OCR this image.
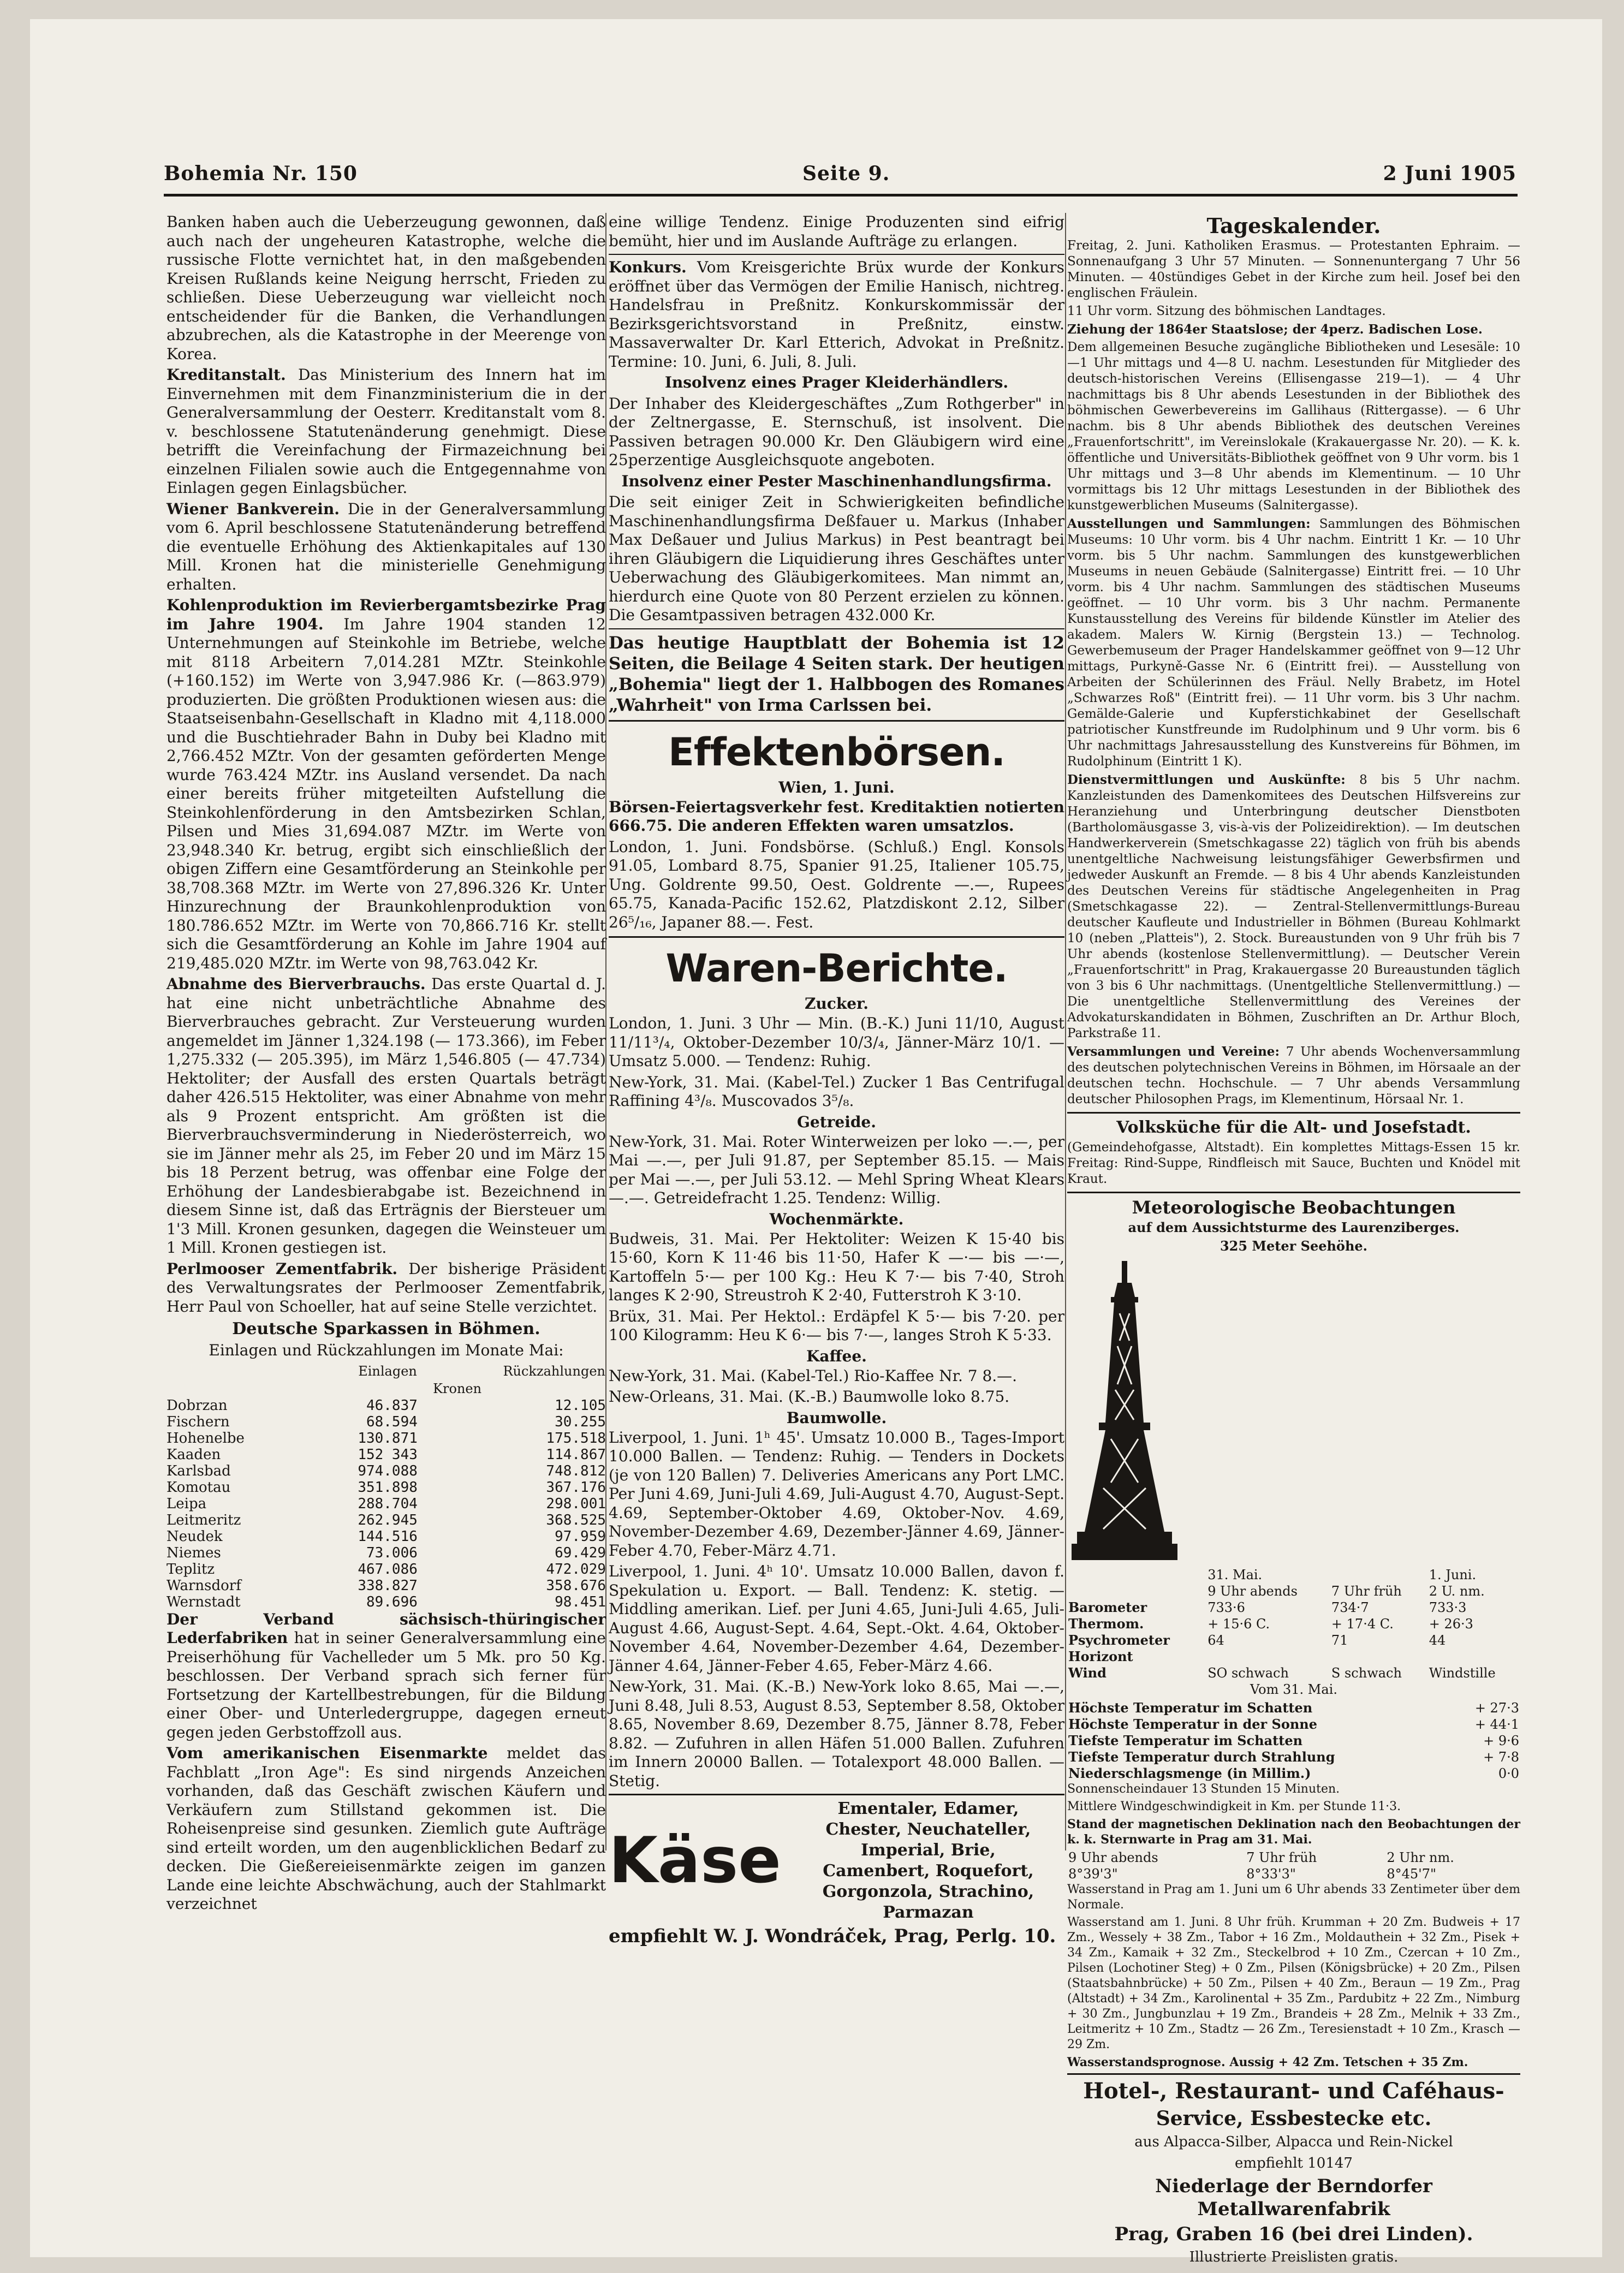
Bohemia Nr. 150	Seite 9.	2 Juni 1905

Banken haben auch die Ueberzeugung gewonnen, daß auch nach der ungeheuren Katastrophe, welche die russische Flotte vernichtet hat, in den maßgebenden Kreisen Rußlands keine Neigung herrscht, Frieden zu schließen. Diese Ueberzeugung war vielleicht noch entscheidender für die Banken, die Verhandlungen abzubrechen, als die Katastrophe in der Meerenge von Korea.

Kreditanstalt. Das Ministerium des Innern hat im Einvernehmen mit dem Finanzministerium die in der Generalversammlung der Oesterr. Kreditanstalt vom 8. v. beschlossene Statutenänderung genehmigt. Diese betrifft die Vereinfachung der Firmazeichnung bei einzelnen Filialen sowie auch die Entgegennahme von Einlagen gegen Einlagsbücher.

Wiener Bankverein. Die in der Generalversammlung vom 6. April beschlossene Statutenänderung betreffend die eventuelle Erhöhung des Aktienkapitales auf 130 Mill. Kronen hat die ministerielle Genehmigung erhalten.

Kohlenproduktion im Revierbergamtsbezirke Prag im Jahre 1904. Im Jahre 1904 standen 12 Unternehmungen auf Steinkohle im Betriebe, welche mit 8118 Arbeitern 7,014.281 MZtr. Steinkohle (+160.152) im Werte von 3,947.986 Kr. (—863.979) produzierten. Die größten Produktionen wiesen aus: die Staatseisenbahn-Gesellschaft in Kladno mit 4,118.000 und die Buschtiehrader Bahn in Duby bei Kladno mit 2,766.452 MZtr. Von der gesamten geförderten Menge wurde 763.424 MZtr. ins Ausland versendet. Da nach einer bereits früher mitgeteilten Aufstellung die Steinkohlenförderung in den Amtsbezirken Schlan, Pilsen und Mies 31,694.087 MZtr. im Werte von 23,948.340 Kr. betrug, ergibt sich einschließlich der obigen Ziffern eine Gesamtförderung an Steinkohle per 38,708.368 MZtr. im Werte von 27,896.326 Kr. Unter Hinzurechnung der Braunkohlenproduktion von 180.786.652 MZtr. im Werte von 70,866.716 Kr. stellt sich die Gesamtförderung an Kohle im Jahre 1904 auf 219,485.020 MZtr. im Werte von 98,763.042 Kr.

Abnahme des Bierverbrauchs. Das erste Quartal d. J. hat eine nicht unbeträchtliche Abnahme des Bierverbrauches gebracht. Zur Versteuerung wurden angemeldet im Jänner 1,324.198 (— 173.366), im Feber 1,275.332 (— 205.395), im März 1,546.805 (— 47.734) Hektoliter; der Ausfall des ersten Quartals beträgt daher 426.515 Hektoliter, was einer Abnahme von mehr als 9 Prozent entspricht. Am größten ist die Bierverbrauchsverminderung in Niederösterreich, wo sie im Jänner mehr als 25, im Feber 20 und im März 15 bis 18 Perzent betrug, was offenbar eine Folge der Erhöhung der Landesbierabgabe ist. Bezeichnend in diesem Sinne ist, daß das Erträgnis der Biersteuer um 1'3 Mill. Kronen gesunken, dagegen die Weinsteuer um 1 Mill. Kronen gestiegen ist.

Perlmooser Zementfabrik. Der bisherige Präsident des Verwaltungsrates der Perlmooser Zementfabrik, Herr Paul von Schoeller, hat auf seine Stelle verzichtet.

Deutsche Sparkassen in Böhmen.

Einlagen und Rückzahlungen im Monate Mai:

	Einlagen	Rückzahlungen
	Kronen	
Dobrzan	46.837	12.105
Fischern	68.594	30.255
Hohenelbe	130.871	175.518
Kaaden	152 343	114.867
Karlsbad	974.088	748.812
Komotau	351.898	367.176
Leipa	288.704	298.001
Leitmeritz	262.945	368.525
Neudek	144.516	97.959
Niemes	73.006	69.429
Teplitz	467.086	472.029
Warnsdorf	338.827	358.676
Wernstadt	89.696	98.451

Der Verband sächsisch-thüringischer Lederfabriken hat in seiner Generalversammlung eine Preiserhöhung für Vachelleder um 5 Mk. pro 50 Kg. beschlossen. Der Verband sprach sich ferner für Fortsetzung der Kartellbestrebungen, für die Bildung einer Ober- und Unterledergruppe, dagegen erneut gegen jeden Gerbstoffzoll aus.

Vom amerikanischen Eisenmarkte meldet das Fachblatt „Iron Age": Es sind nirgends Anzeichen vorhanden, daß das Geschäft zwischen Käufern und Verkäufern zum Stillstand gekommen ist. Die Roheisenpreise sind gesunken. Ziemlich gute Aufträge sind erteilt worden, um den augenblicklichen Bedarf zu decken. Die Gießereieisenmärkte zeigen im ganzen Lande eine leichte Abschwächung, auch der Stahlmarkt verzeichnet

eine willige Tendenz. Einige Produzenten sind eifrig bemüht, hier und im Auslande Aufträge zu erlangen.

Konkurs. Vom Kreisgerichte Brüx wurde der Konkurs eröffnet über das Vermögen der Emilie Hanisch, nichtreg. Handelsfrau in Preßnitz. Konkurskommissär der Bezirksgerichtsvorstand in Preßnitz, einstw. Massaverwalter Dr. Karl Etterich, Advokat in Preßnitz. Termine: 10. Juni, 6. Juli, 8. Juli.

Insolvenz eines Prager Kleiderhändlers.

Der Inhaber des Kleidergeschäftes „Zum Rothgerber" in der Zeltnergasse, E. Sternschuß, ist insolvent. Die Passiven betragen 90.000 Kr. Den Gläubigern wird eine 25perzentige Ausgleichsquote angeboten.

Insolvenz einer Pester Maschinenhandlungsfirma.

Die seit einiger Zeit in Schwierigkeiten befindliche Maschinenhandlungsfirma Deßfauer u. Markus (Inhaber Max Deßauer und Julius Markus) in Pest beantragt bei ihren Gläubigern die Liquidierung ihres Geschäftes unter Ueberwachung des Gläubigerkomitees. Man nimmt an, hierdurch eine Quote von 80 Perzent erzielen zu können. Die Gesamtpassiven betragen 432.000 Kr.

Das heutige Hauptblatt der Bohemia ist 12 Seiten, die Beilage 4 Seiten stark. Der heutigen „Bohemia" liegt der 1. Halbbogen des Romanes „Wahrheit" von Irma Carlssen bei.

Effektenbörsen.
Wien, 1. Juni.

Börsen-Feiertagsverkehr fest. Kreditaktien notierten 666.75. Die anderen Effekten waren umsatzlos.

London, 1. Juni. Fondsbörse. (Schluß.) Engl. Konsols 91.05, Lombard 8.75, Spanier 91.25, Italiener 105.75, Ung. Goldrente 99.50, Oest. Goldrente —.—, Rupees 65.75, Kanada-Pacific 152.62, Platzdiskont 2.12, Silber 26⁵/₁₆, Japaner 88.—. Fest.

Waren-Berichte.
Zucker.

London, 1. Juni. 3 Uhr — Min. (B.-K.) Juni 11/10, August 11/11³/₄, Oktober-Dezember 10/3/₄, Jänner-März 10/1. — Umsatz 5.000. — Tendenz: Ruhig.

New-York, 31. Mai. (Kabel-Tel.) Zucker 1 Bas Centrifugal Raffining 4³/₈. Muscovados 3⁵/₈.

Getreide.

New-York, 31. Mai. Roter Winterweizen per loko —.—, per Mai —.—, per Juli 91.87, per September 85.15. — Mais per Mai —.—, per Juli 53.12. — Mehl Spring Wheat Klears —.—. Getreidefracht 1.25. Tendenz: Willig.

Wochenmärkte.

Budweis, 31. Mai. Per Hektoliter: Weizen K 15·40 bis 15·60, Korn K 11·46 bis 11·50, Hafer K —·— bis —·—, Kartoffeln 5·— per 100 Kg.: Heu K 7·— bis 7·40, Stroh langes K 2·90, Streustroh K 2·40, Futterstroh K 3·10.

Brüx, 31. Mai. Per Hektol.: Erdäpfel K 5·— bis 7·20. per 100 Kilogramm: Heu K 6·— bis 7·—, langes Stroh K 5·33.

Kaffee.

New-York, 31. Mai. (Kabel-Tel.) Rio-Kaffee Nr. 7 8.—.

New-Orleans, 31. Mai. (K.-B.) Baumwolle loko 8.75.

Baumwolle.

Liverpool, 1. Juni. 1ʰ 45'. Umsatz 10.000 B., Tages-Import 10.000 Ballen. — Tendenz: Ruhig. — Tenders in Dockets (je von 120 Ballen) 7. Deliveries Americans any Port LMC. Per Juni 4.69, Juni-Juli 4.69, Juli-August 4.70, August-Sept. 4.69, September-Oktober 4.69, Oktober-Nov. 4.69, November-Dezember 4.69, Dezember-Jänner 4.69, Jänner-Feber 4.70, Feber-März 4.71.

Liverpool, 1. Juni. 4ʰ 10'. Umsatz 10.000 Ballen, davon f. Spekulation u. Export. — Ball. Tendenz: K. stetig. — Middling amerikan. Lief. per Juni 4.65, Juni-Juli 4.65, Juli-August 4.66, August-Sept. 4.64, Sept.-Okt. 4.64, Oktober-November 4.64, November-Dezember 4.64, Dezember-Jänner 4.64, Jänner-Feber 4.65, Feber-März 4.66.

New-York, 31. Mai. (K.-B.) New-York loko 8.65, Mai —.—, Juni 8.48, Juli 8.53, August 8.53, September 8.58, Oktober 8.65, November 8.69, Dezember 8.75, Jänner 8.78, Feber 8.82. — Zufuhren in allen Häfen 51.000 Ballen. Zufuhren im Innern 20000 Ballen. — Totalexport 48.000 Ballen. — Stetig.

Käse
Ementaler, Edamer,
Chester, Neuchateller,
Imperial, Brie,
Camenbert, Roquefort,
Gorgonzola, Strachino,
Parmazan
empfiehlt W. J. Wondráček, Prag, Perlg. 10.
Tageskalender.

Freitag, 2. Juni. Katholiken Erasmus. — Protestanten Ephraim. — Sonnenaufgang 3 Uhr 57 Minuten. — Sonnenuntergang 7 Uhr 56 Minuten. — 40stündiges Gebet in der Kirche zum heil. Josef bei den englischen Fräulein.

11 Uhr vorm. Sitzung des böhmischen Landtages.

Ziehung der 1864er Staatslose; der 4perz. Badischen Lose.

Dem allgemeinen Besuche zugängliche Bibliotheken und Lesesäle: 10—1 Uhr mittags und 4—8 U. nachm. Lesestunden für Mitglieder des deutsch-historischen Vereins (Ellisengasse 219—1). — 4 Uhr nachmittags bis 8 Uhr abends Lesestunden in der Bibliothek des böhmischen Gewerbevereins im Gallihaus (Rittergasse). — 6 Uhr nachm. bis 8 Uhr abends Bibliothek des deutschen Vereines „Frauenfortschritt", im Vereinslokale (Krakauergasse Nr. 20). — K. k. öffentliche und Universitäts-Bibliothek geöffnet von 9 Uhr vorm. bis 1 Uhr mittags und 3—8 Uhr abends im Klementinum. — 10 Uhr vormittags bis 12 Uhr mittags Lesestunden in der Bibliothek des kunstgewerblichen Museums (Salnitergasse).

Ausstellungen und Sammlungen: Sammlungen des Böhmischen Museums: 10 Uhr vorm. bis 4 Uhr nachm. Eintritt 1 Kr. — 10 Uhr vorm. bis 5 Uhr nachm. Sammlungen des kunstgewerblichen Museums in neuen Gebäude (Salnitergasse) Eintritt frei. — 10 Uhr vorm. bis 4 Uhr nachm. Sammlungen des städtischen Museums geöffnet. — 10 Uhr vorm. bis 3 Uhr nachm. Permanente Kunstausstellung des Vereins für bildende Künstler im Atelier des akadem. Malers W. Kirnig (Bergstein 13.) — Technolog. Gewerbemuseum der Prager Handelskammer geöffnet von 9—12 Uhr mittags, Purkyně-Gasse Nr. 6 (Eintritt frei). — Ausstellung von Arbeiten der Schülerinnen des Fräul. Nelly Brabetz, im Hotel „Schwarzes Roß" (Eintritt frei). — 11 Uhr vorm. bis 3 Uhr nachm. Gemälde-Galerie und Kupferstichkabinet der Gesellschaft patriotischer Kunstfreunde im Rudolphinum und 9 Uhr vorm. bis 6 Uhr nachmittags Jahresausstellung des Kunstvereins für Böhmen, im Rudolphinum (Eintritt 1 K).

Dienstvermittlungen und Auskünfte: 8 bis 5 Uhr nachm. Kanzleistunden des Damenkomitees des Deutschen Hilfsvereins zur Heranziehung und Unterbringung deutscher Dienstboten (Bartholomäusgasse 3, vis-à-vis der Polizeidirektion). — Im deutschen Handwerkerverein (Smetschkagasse 22) täglich von früh bis abends unentgeltliche Nachweisung leistungsfähiger Gewerbsfirmen und jedweder Auskunft an Fremde. — 8 bis 4 Uhr abends Kanzleistunden des Deutschen Vereins für städtische Angelegenheiten in Prag (Smetschkagasse 22). — Zentral-Stellenvermittlungs-Bureau deutscher Kaufleute und Industrieller in Böhmen (Bureau Kohlmarkt 10 (neben „Platteis"), 2. Stock. Bureaustunden von 9 Uhr früh bis 7 Uhr abends (kostenlose Stellenvermittlung). — Deutscher Verein „Frauenfortschritt" in Prag, Krakauergasse 20 Bureaustunden täglich von 3 bis 6 Uhr nachmittags. (Unentgeltliche Stellenvermittlung.) — Die unentgeltliche Stellenvermittlung des Vereines der Advokaturskandidaten in Böhmen, Zuschriften an Dr. Arthur Bloch, Parkstraße 11.

Versammlungen und Vereine: 7 Uhr abends Wochenversammlung des deutschen polytechnischen Vereins in Böhmen, im Hörsaale an der deutschen techn. Hochschule. — 7 Uhr abends Versammlung deutscher Philosophen Prags, im Klementinum, Hörsaal Nr. 1.

Volksküche für die Alt- und Josefstadt.

(Gemeindehofgasse, Altstadt). Ein komplettes Mittags-Essen 15 kr. Freitag: Rind-Suppe, Rindfleisch mit Sauce, Buchten und Knödel mit Kraut.

Meteorologische Beobachtungen

auf dem Aussichtsturme des Laurenziberges.

325 Meter Seehöhe.

	31. Mai.		1. Juni.
	9 Uhr abends	7 Uhr früh	2 U. nm.
Barometer	733·6	734·7	733·3
Thermom.	+ 15·6 C.	+ 17·4 C.	+ 26·3
Psychrometer	64	71	44
Horizont			
Wind	SO schwach	S schwach	Windstille

Vom 31. Mai.

Höchste Temperatur im Schatten	+ 27·3
Höchste Temperatur in der Sonne	+ 44·1
Tiefste Temperatur im Schatten	+ 9·6
Tiefste Temperatur durch Strahlung	+ 7·8
Niederschlagsmenge (in Millim.)	0·0

Sonnenscheindauer 13 Stunden 15 Minuten.

Mittlere Windgeschwindigkeit in Km. per Stunde 11·3.

Stand der magnetischen Deklination nach den Beobachtungen der k. k. Sternwarte in Prag am 31. Mai.

9 Uhr abends	7 Uhr früh	2 Uhr nm.
8°39'3"	8°33'3"	8°45'7"

Wasserstand in Prag am 1. Juni um 6 Uhr abends 33 Zentimeter über dem Normale.

Wasserstand am 1. Juni. 8 Uhr früh. Krumman + 20 Zm. Budweis + 17 Zm., Wessely + 38 Zm., Tabor + 16 Zm., Moldauthein + 32 Zm., Pisek + 34 Zm., Kamaik + 32 Zm., Steckelbrod + 10 Zm., Czercan + 10 Zm., Pilsen (Lochotiner Steg) + 0 Zm., Pilsen (Königsbrücke) + 20 Zm., Pilsen (Staatsbahnbrücke) + 50 Zm., Pilsen + 40 Zm., Beraun — 19 Zm., Prag (Altstadt) + 34 Zm., Karolinental + 35 Zm., Pardubitz + 22 Zm., Nimburg + 30 Zm., Jungbunzlau + 19 Zm., Brandeis + 28 Zm., Melnik + 33 Zm., Leitmeritz + 10 Zm., Stadtz — 26 Zm., Teresienstadt + 10 Zm., Krasch — 29 Zm.

Wasserstandsprognose. Aussig + 42 Zm. Tetschen + 35 Zm.

Hotel-, Restaurant- und Caféhaus-

Service, Essbestecke etc.

aus Alpacca-Silber, Alpacca und Rein-Nickel

empfiehlt 10147

Niederlage der Berndorfer Metallwarenfabrik

Prag, Graben 16 (bei drei Linden).

Illustrierte Preislisten gratis.
